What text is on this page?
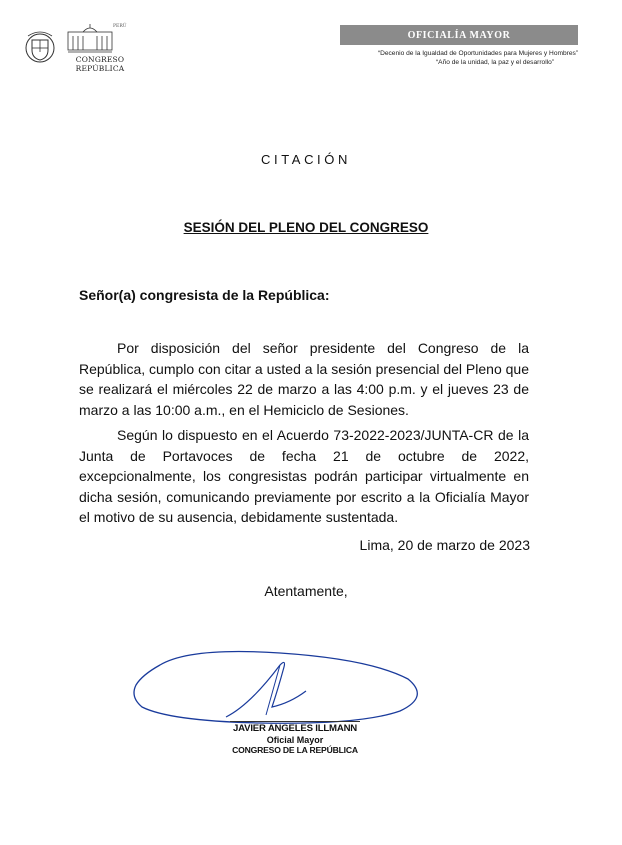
PERÚ
CONGRESO
REPÚBLICA
OFICIALÍA MAYOR
“Decenio de la Igualdad de Oportunidades para Mujeres y Hombres”
“Año de la unidad, la paz y el desarrollo”
CITACIÓN
SESIÓN DEL PLENO DEL CONGRESO
Señor(a) congresista de la República:

Por disposición del señor presidente del Congreso de la República, cumplo con citar a usted a la sesión presencial del Pleno que se realizará el miércoles 22 de marzo a las 4:00 p.m. y el jueves 23 de marzo a las 10:00 a.m., en el Hemiciclo de Sesiones.

Según lo dispuesto en el Acuerdo 73-2022-2023/JUNTA-CR de la Junta de Portavoces de fecha 21 de octubre de 2022, excepcionalmente, los congresistas podrán participar virtualmente en dicha sesión, comunicando previamente por escrito a la Oficialía Mayor el motivo de su ausencia, debidamente sustentada.

Lima, 20 de marzo de 2023
Atentamente,
JAVIER ANGELES ILLMANN
Oficial Mayor
CONGRESO DE LA REPÚBLICA
